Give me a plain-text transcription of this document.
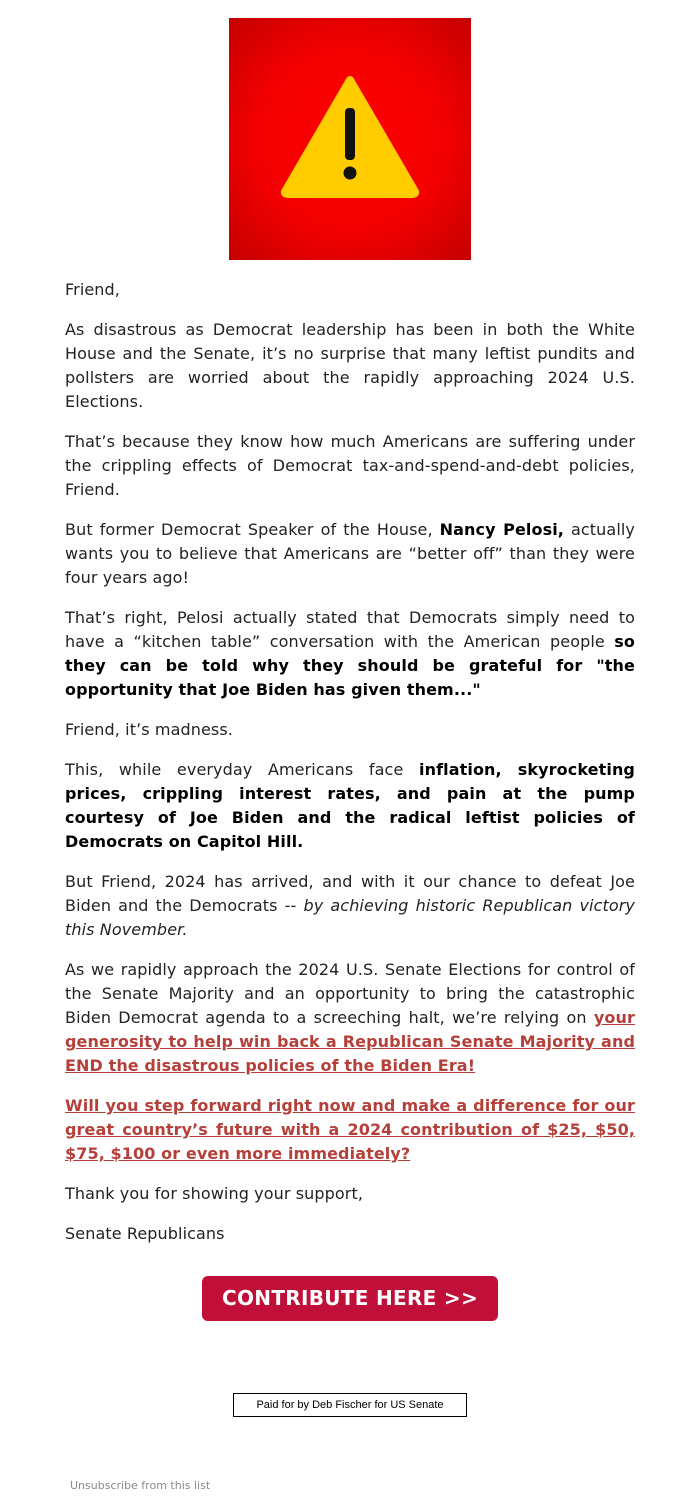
Friend,

As disastrous as Democrat leadership has been in both the White House and the Senate, it’s no surprise that many leftist pundits and pollsters are worried about the rapidly approaching 2024 U.S. Elections.

That’s because they know how much Americans are suffering under the crippling effects of Democrat tax-and-spend-and-debt policies, Friend.

But former Democrat Speaker of the House, Nancy Pelosi, actually wants you to believe that Americans are “better off” than they were four years ago!

That’s right, Pelosi actually stated that Democrats simply need to have a “kitchen table” conversation with the American people so they can be told why they should be grateful for "the opportunity that Joe Biden has given them..."

Friend, it’s madness.

This, while everyday Americans face inflation, skyrocketing prices, crippling interest rates, and pain at the pump courtesy of Joe Biden and the radical leftist policies of Democrats on Capitol Hill.

But Friend, 2024 has arrived, and with it our chance to defeat Joe Biden and the Democrats -- by achieving historic Republican victory this November.

As we rapidly approach the 2024 U.S. Senate Elections for control of the Senate Majority and an opportunity to bring the catastrophic Biden Democrat agenda to a screeching halt, we’re relying on your generosity to help win back a Republican Senate Majority and END the disastrous policies of the Biden Era!

Will you step forward right now and make a difference for our great country’s future with a 2024 contribution of $25, $50, $75, $100 or even more immediately?

Thank you for showing your support,

Senate Republicans

CONTRIBUTE HERE >>
Paid for by Deb Fischer for US Senate
Unsubscribe from this list
